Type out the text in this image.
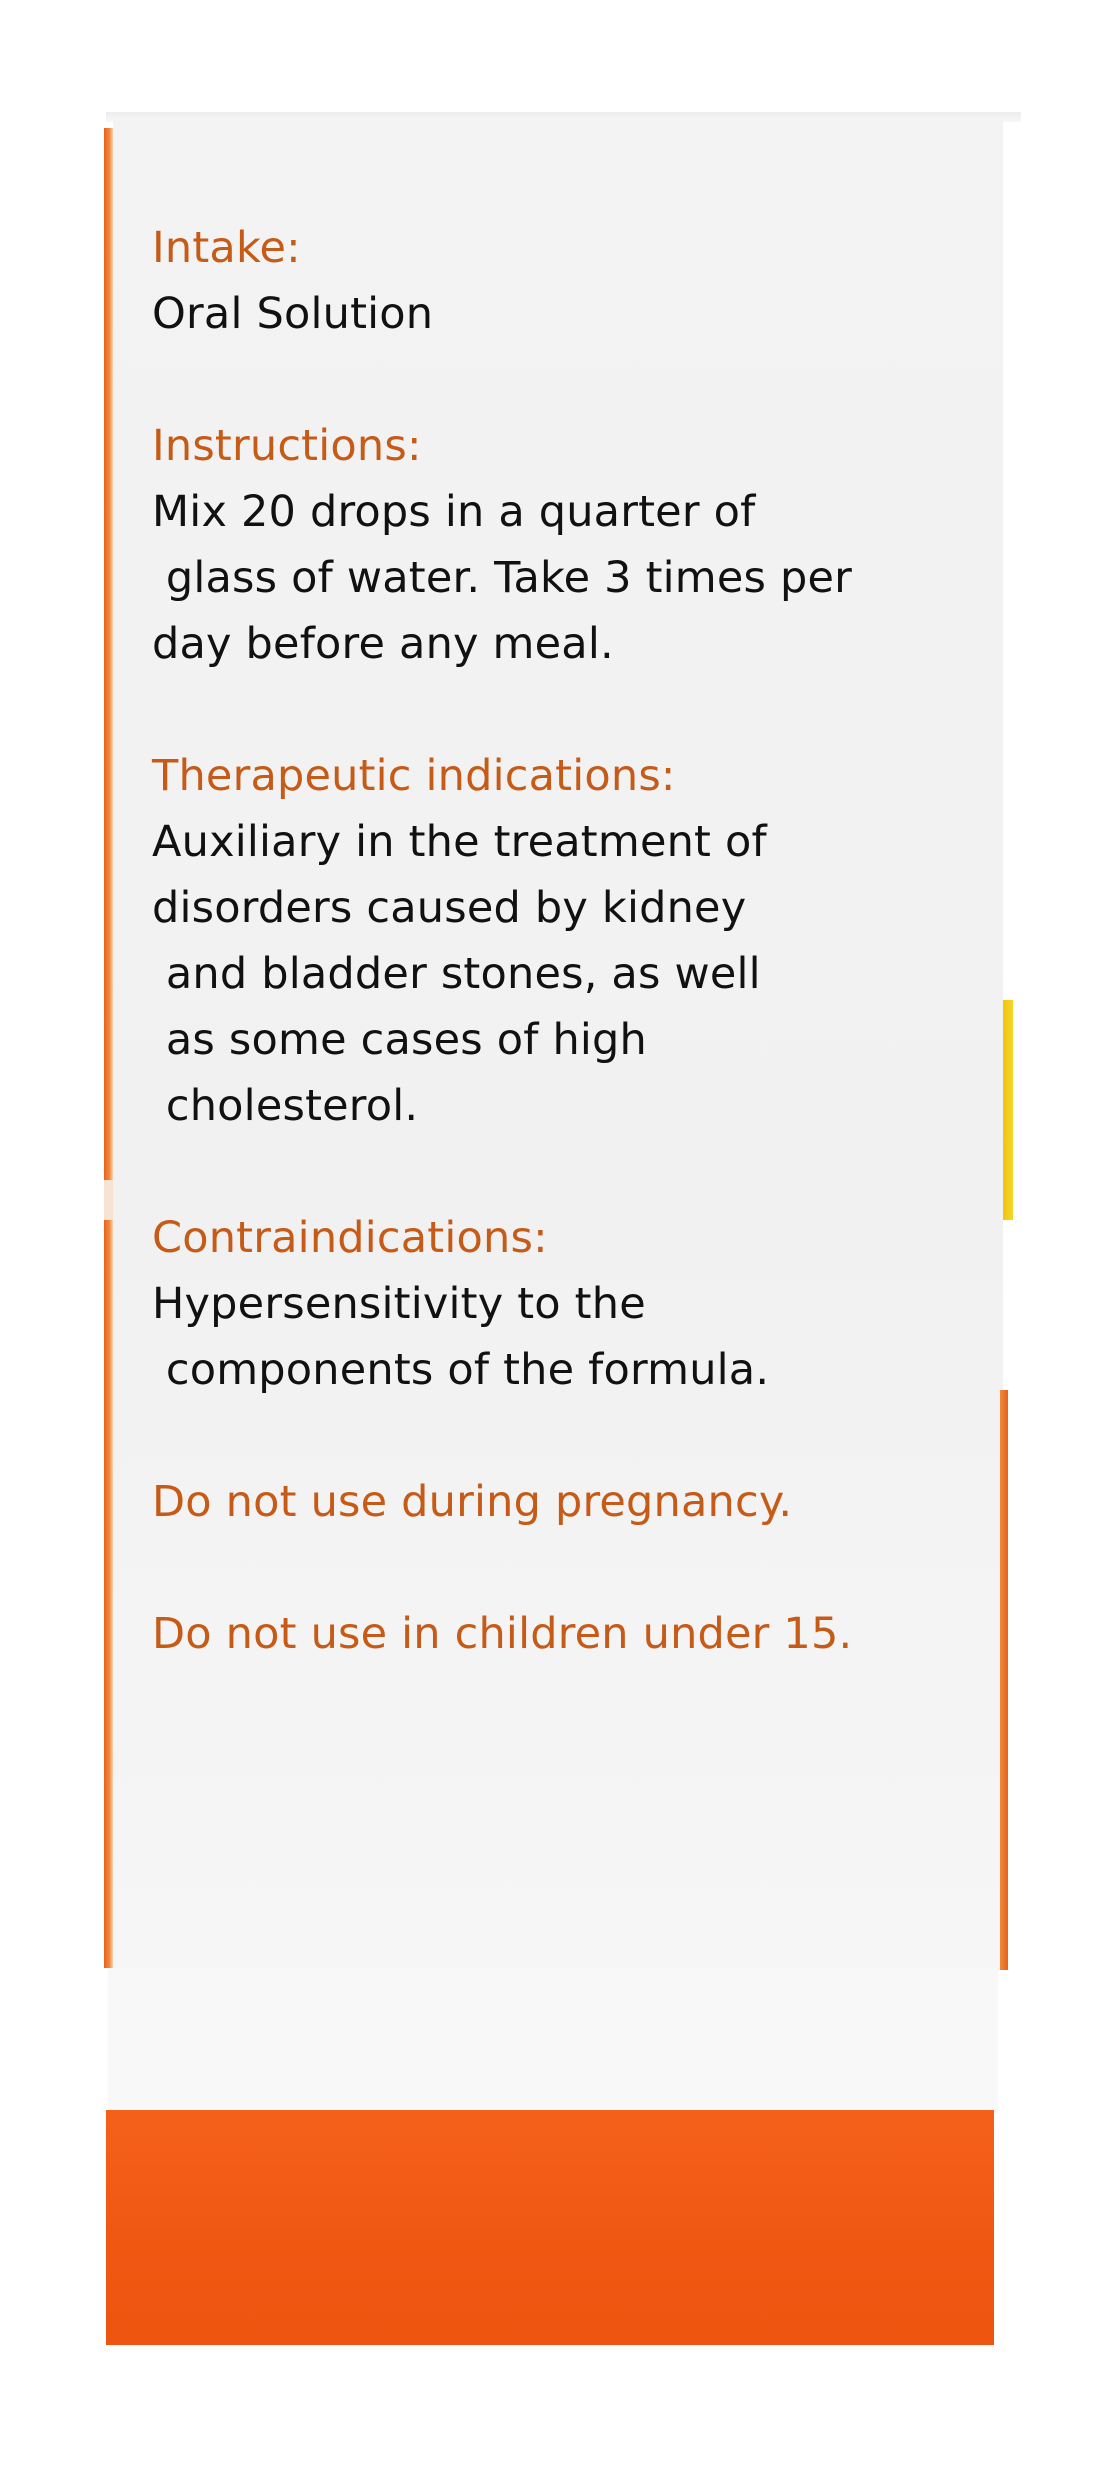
Intake:
Oral Solution
Instructions:
Mix 20 drops in a quarter of
glass of water. Take 3 times per
day before any meal.
Therapeutic indications:
Auxiliary in the treatment of
disorders caused by kidney
and bladder stones, as well
as some cases of high
cholesterol.
Contraindications:
Hypersensitivity to the
components of the formula.
Do not use during pregnancy.
Do not use in children under 15.
